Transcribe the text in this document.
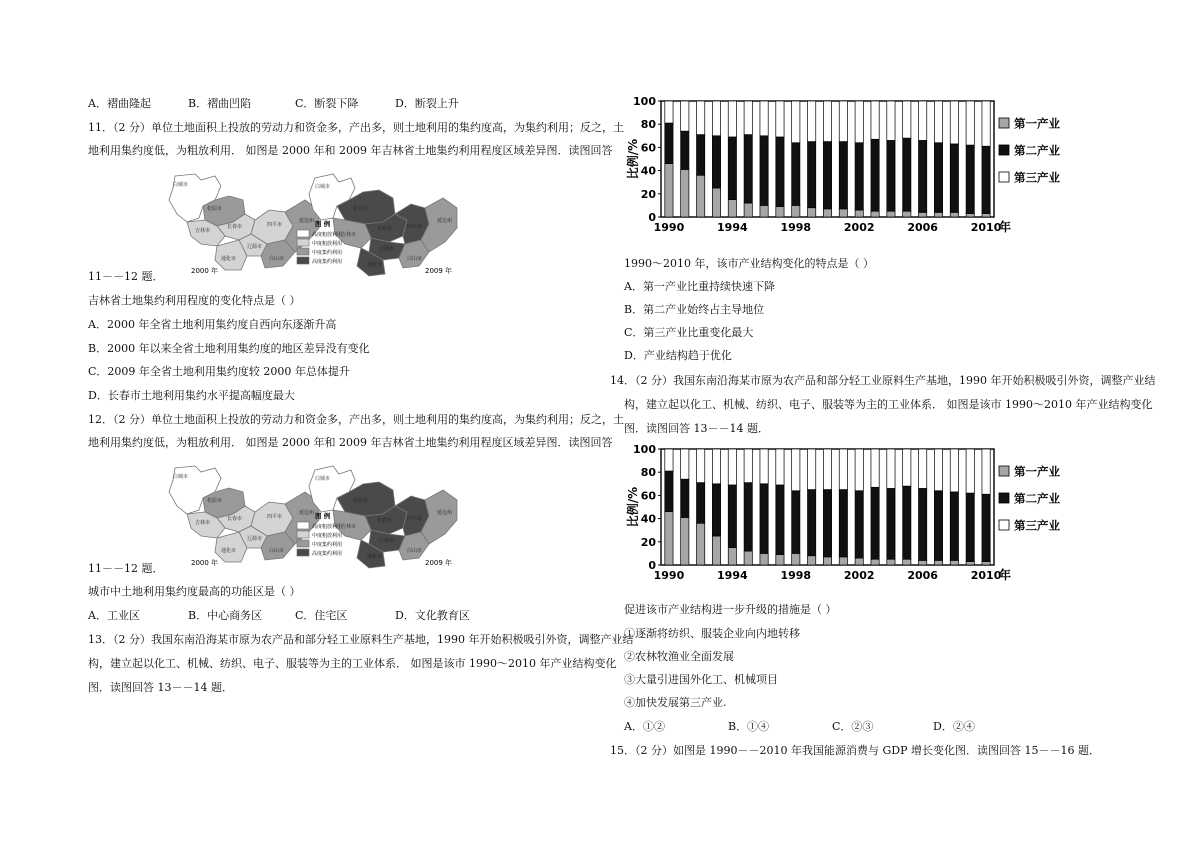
A．褶曲隆起	B．褶曲凹陷	C．断裂下降	D．断裂上升
11．（2 分）单位土地面积上投放的劳动力和资金多，产出多，则土地利用的集约度高，为集约利用；反之，土
地利用集约度低，为粗放利用． 如图是 2000 年和 2009 年吉林省土地集约利用程度区域差异图．读图回答
白城市	白城市
松原市	松原市
长春市	长春市
吉林市
吉林市
四平市	四平市
辽源市	辽源市
通化市
通化市
白山市	白山市
延边州	延边州
图 例
高度粗放利用
中度粗放利用
中度集约利用
高度集约利用
2000 年	2009 年
11－－12 题．
吉林省土地集约利用程度的变化特点是（ ）
A．2000 年全省土地利用集约度自西向东逐渐升高
B．2000 年以来全省土地利用集约度的地区差异没有变化
C．2009 年全省土地利用集约度较 2000 年总体提升
D．长春市土地利用集约水平提高幅度最大
12．（2 分）单位土地面积上投放的劳动力和资金多，产出多，则土地利用的集约度高，为集约利用；反之，土
地利用集约度低，为粗放利用． 如图是 2000 年和 2009 年吉林省土地集约利用程度区域差异图．读图回答
白城市	白城市
松原市	松原市
长春市	长春市
吉林市
吉林市
四平市	四平市
辽源市	辽源市
通化市
通化市
白山市	白山市
延边州	延边州
图 例
高度粗放利用
中度粗放利用
中度集约利用
高度集约利用
2000 年	2009 年
11－－12 题．
城市中土地利用集约度最高的功能区是（ ）
A．工业区	B．中心商务区	C．住宅区	D．文化教育区
13．（2 分）我国东南沿海某市原为农产品和部分轻工业原料生产基地，1990 年开始积极吸引外资，调整产业结
构，建立起以化工、机械、纺织、电子、服装等为主的工业体系． 如图是该市 1990～2010 年产业结构变化
图．读图回答 13－－14 题．
0
20
40
60
80
100
比例/%
1990	1994	1998	2002	2006	2010
年
第一产业
第二产业
第三产业
1990～2010 年，该市产业结构变化的特点是（ ）
A．第一产业比重持续快速下降
B．第二产业始终占主导地位
C．第三产业比重变化最大
D．产业结构趋于优化
14．（2 分）我国东南沿海某市原为农产品和部分轻工业原料生产基地，1990 年开始积极吸引外资，调整产业结
构，建立起以化工、机械、纺织、电子、服装等为主的工业体系． 如图是该市 1990～2010 年产业结构变化
图．读图回答 13－－14 题．
0
20
40
60
80
100
比例/%
1990	1994	1998	2002	2006	2010
年
第一产业
第二产业
第三产业
促进该市产业结构进一步升级的措施是（ ）
①逐渐将纺织、服装企业向内地转移
②农林牧渔业全面发展
③大量引进国外化工、机械项目
④加快发展第三产业.
A．①②	B．①④	C．②③	D．②④
15．（2 分）如图是 1990－－2010 年我国能源消费与 GDP 增长变化图．读图回答 15－－16 题．
